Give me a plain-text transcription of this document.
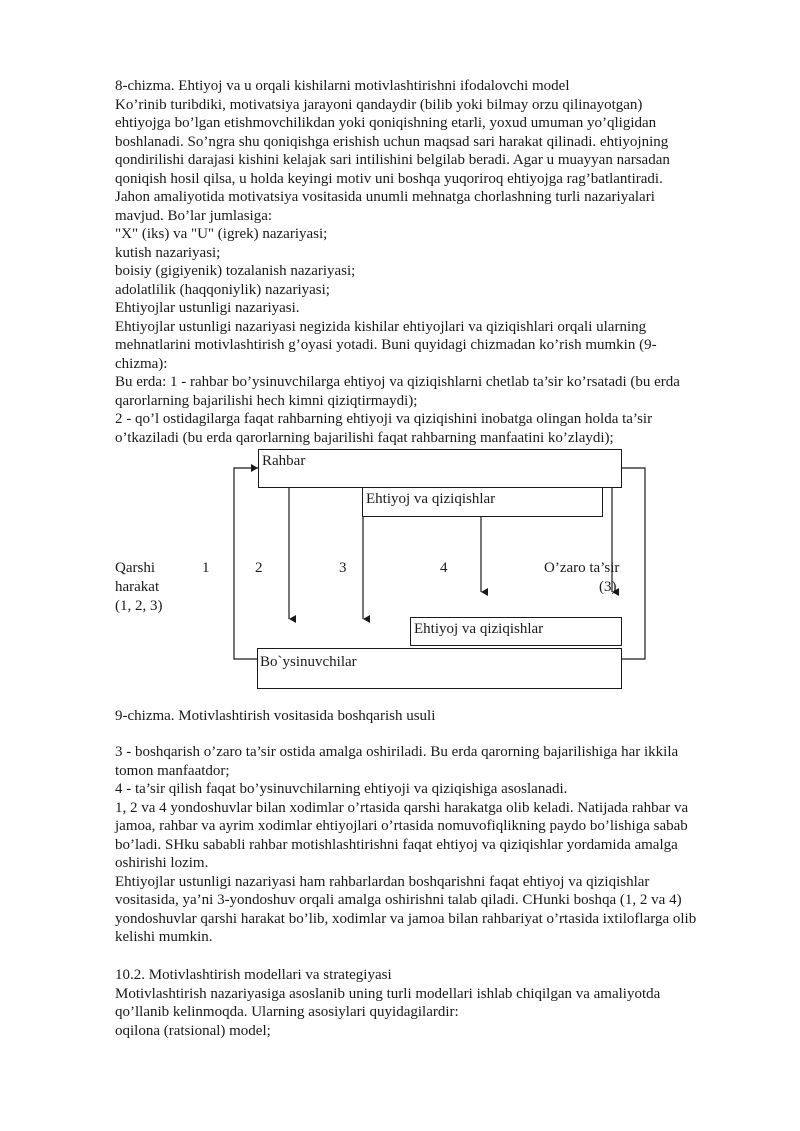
8-chizma. Ehtiyoj va u orqali kishilarni motivlashtirishni ifodalovchi model
Ko’rinib turibdiki, motivatsiya jarayoni qandaydir (bilib yoki bilmay orzu qilinayotgan)
ehtiyojga bo’lgan etishmovchilikdan yoki qoniqishning etarli, yoxud umuman yo’qligidan
boshlanadi. So’ngra shu qoniqishga erishish uchun maqsad sari harakat qilinadi. ehtiyojning
qondirilishi darajasi kishini kelajak sari intilishini belgilab beradi. Agar u muayyan narsadan
qoniqish hosil qilsa, u holda keyingi motiv uni boshqa yuqoriroq ehtiyojga rag’batlantiradi.
Jahon amaliyotida motivatsiya vositasida unumli mehnatga chorlashning turli nazariyalari
mavjud. Bo’lar jumlasiga:
"X" (iks) va "U" (igrek) nazariyasi;
kutish nazariyasi;
boisiy (gigiyenik) tozalanish nazariyasi;
adolatlilik (haqqoniylik) nazariyasi;
Ehtiyojlar ustunligi nazariyasi.
Ehtiyojlar ustunligi nazariyasi negizida kishilar ehtiyojlari va qiziqishlari orqali ularning
mehnatlarini motivlashtirish g’oyasi yotadi. Buni quyidagi chizmadan ko’rish mumkin (9-
chizma):
Bu erda: 1 - rahbar bo’ysinuvchilarga ehtiyoj va qiziqishlarni chetlab ta’sir ko’rsatadi (bu erda
qarorlarning bajarilishi hech kimni qiziqtirmaydi);
2 - qo’l ostidagilarga faqat rahbarning ehtiyoji va qiziqishini inobatga olingan holda ta’sir
o’tkaziladi (bu erda qarorlarning bajarilishi faqat rahbarning manfaatini ko’zlaydi);
Rahbar
Ehtiyoj va qiziqishlar
Ehtiyoj va qiziqishlar
Bo`ysinuvchilar
Qarshi
harakat
(1, 2, 3)
1	2	3	4	O’zaro ta’sir
(3)
9-chizma. Motivlashtirish vositasida boshqarish usuli
3 - boshqarish o’zaro ta’sir ostida amalga oshiriladi. Bu erda qarorning bajarilishiga har ikkila
tomon manfaatdor;
4 - ta’sir qilish faqat bo’ysinuvchilarning ehtiyoji va qiziqishiga asoslanadi.
1, 2 va 4 yondoshuvlar bilan xodimlar o’rtasida qarshi harakatga olib keladi. Natijada rahbar va
jamoa, rahbar va ayrim xodimlar ehtiyojlari o’rtasida nomuvofiqlikning paydo bo’lishiga sabab
bo’ladi. SHku sababli rahbar motishlashtirishni faqat ehtiyoj va qiziqishlar yordamida amalga
oshirishi lozim.
Ehtiyojlar ustunligi nazariyasi ham rahbarlardan boshqarishni faqat ehtiyoj va qiziqishlar
vositasida, ya’ni 3-yondoshuv orqali amalga oshirishni talab qiladi. CHunki boshqa (1, 2 va 4)
yondoshuvlar qarshi harakat bo’lib, xodimlar va jamoa bilan rahbariyat o’rtasida ixtiloflarga olib
kelishi mumkin.
10.2. Motivlashtirish modellari va strategiyasi
Motivlashtirish nazariyasiga asoslanib uning turli modellari ishlab chiqilgan va amaliyotda
qo’llanib kelinmoqda. Ularning asosiylari quyidagilardir:
oqilona (ratsional) model;
